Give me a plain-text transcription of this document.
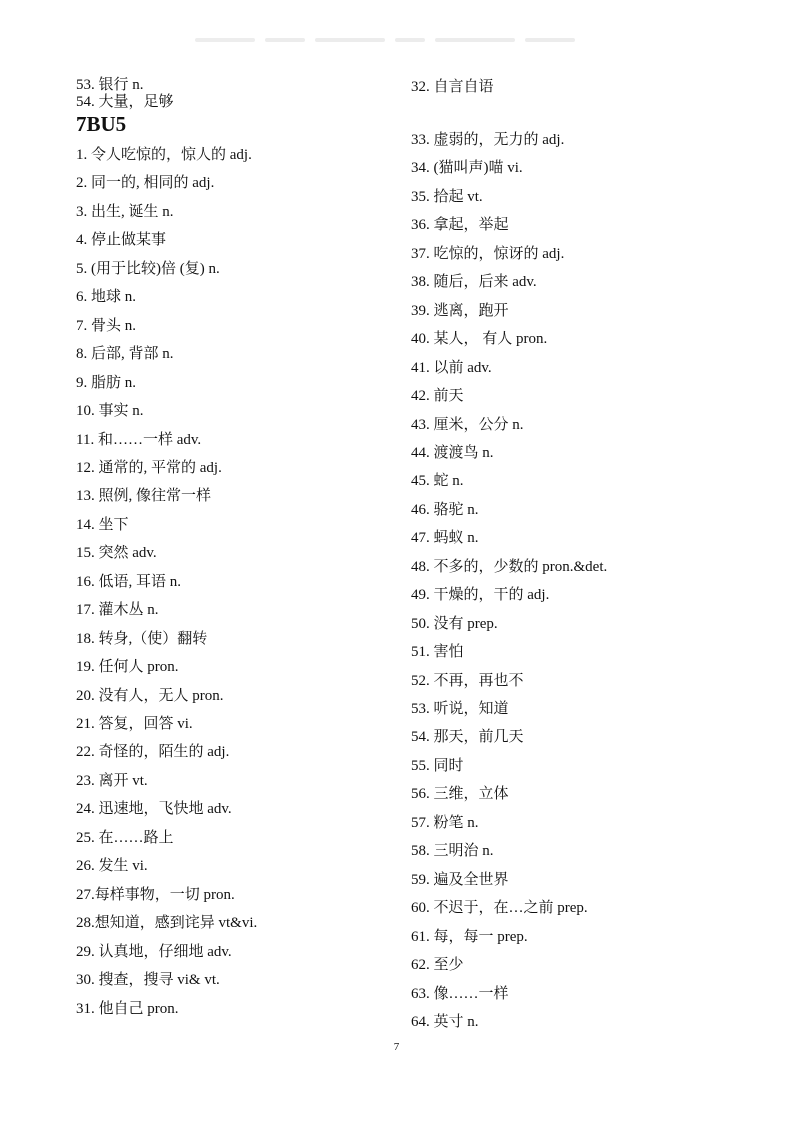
53. 银行 n.
54. 大量，足够
1. 令人吃惊的，惊人的 adj.
2. 同一的, 相同的 adj.
3. 出生, 诞生 n.
4. 停止做某事
5. (用于比较)倍 (复) n.
6. 地球 n.
7. 骨头 n.
8. 后部, 背部 n.
9. 脂肪 n.
10. 事实 n.
11. 和……一样 adv.
12. 通常的, 平常的 adj.
13. 照例, 像往常一样
14. 坐下
15. 突然 adv.
16. 低语, 耳语 n.
17. 灌木丛 n.
18. 转身,（使）翻转
19. 任何人 pron.
20. 没有人，无人 pron.
21. 答复，回答 vi.
22. 奇怪的，陌生的 adj.
23. 离开 vt.
24. 迅速地，飞快地 adv.
25. 在……路上
26. 发生 vi.
27.每样事物，一切 pron.
28.想知道，感到诧异 vt&vi.
29. 认真地，仔细地 adv.
30. 搜查，搜寻 vi& vt.
31. 他自己 pron.
7BU5
32. 自言自语
33. 虚弱的，无力的 adj.
34. (猫叫声)喵 vi.
35. 拾起 vt.
36. 拿起，举起
37. 吃惊的，惊讶的 adj.
38. 随后，后来 adv.
39. 逃离，跑开
40. 某人， 有人 pron.
41. 以前 adv.
42. 前天
43. 厘米，公分 n.
44. 渡渡鸟 n.
45. 蛇 n.
46. 骆驼 n.
47. 蚂蚁 n.
48. 不多的，少数的 pron.&det.
49. 干燥的，干的 adj.
50. 没有 prep.
51. 害怕
52. 不再，再也不
53. 听说，知道
54. 那天，前几天
55. 同时
56. 三维，立体
57. 粉笔 n.
58. 三明治 n.
59. 遍及全世界
60. 不迟于，在…之前 prep.
61. 每，每一 prep.
62. 至少
63. 像……一样
64. 英寸 n.
7
